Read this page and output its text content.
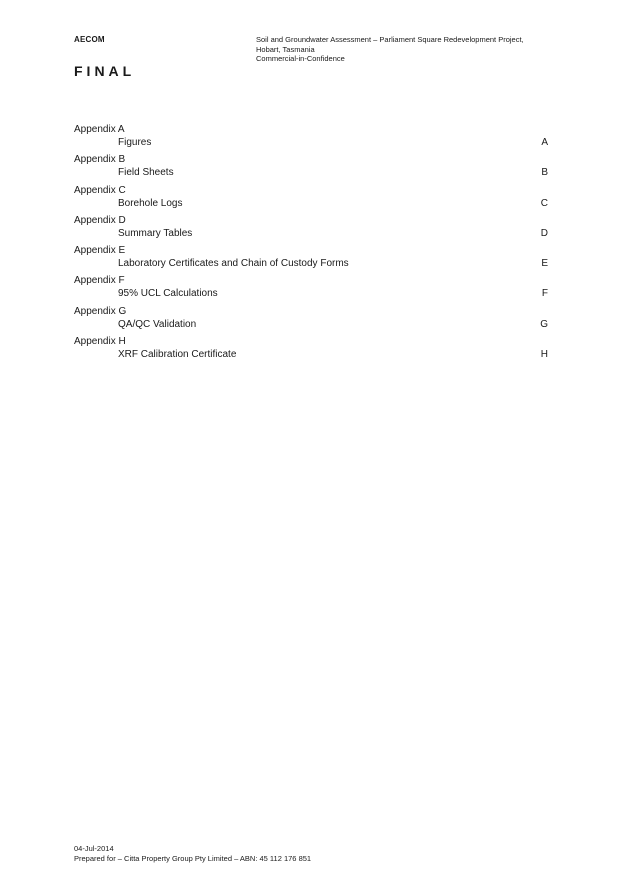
AECOM	Soil and Groundwater Assessment – Parliament Square Redevelopment Project,
Hobart, Tasmania
Commercial-in-Confidence
FINAL
Appendix A
Figures	A
Appendix B
Field Sheets	B
Appendix C
Borehole Logs	C
Appendix D
Summary Tables	D
Appendix E
Laboratory Certificates and Chain of Custody Forms	E
Appendix F
95% UCL Calculations	F
Appendix G
QA/QC Validation	G
Appendix H
XRF Calibration Certificate	H
04-Jul-2014
Prepared for – Citta Property Group Pty Limited – ABN: 45 112 176 851
